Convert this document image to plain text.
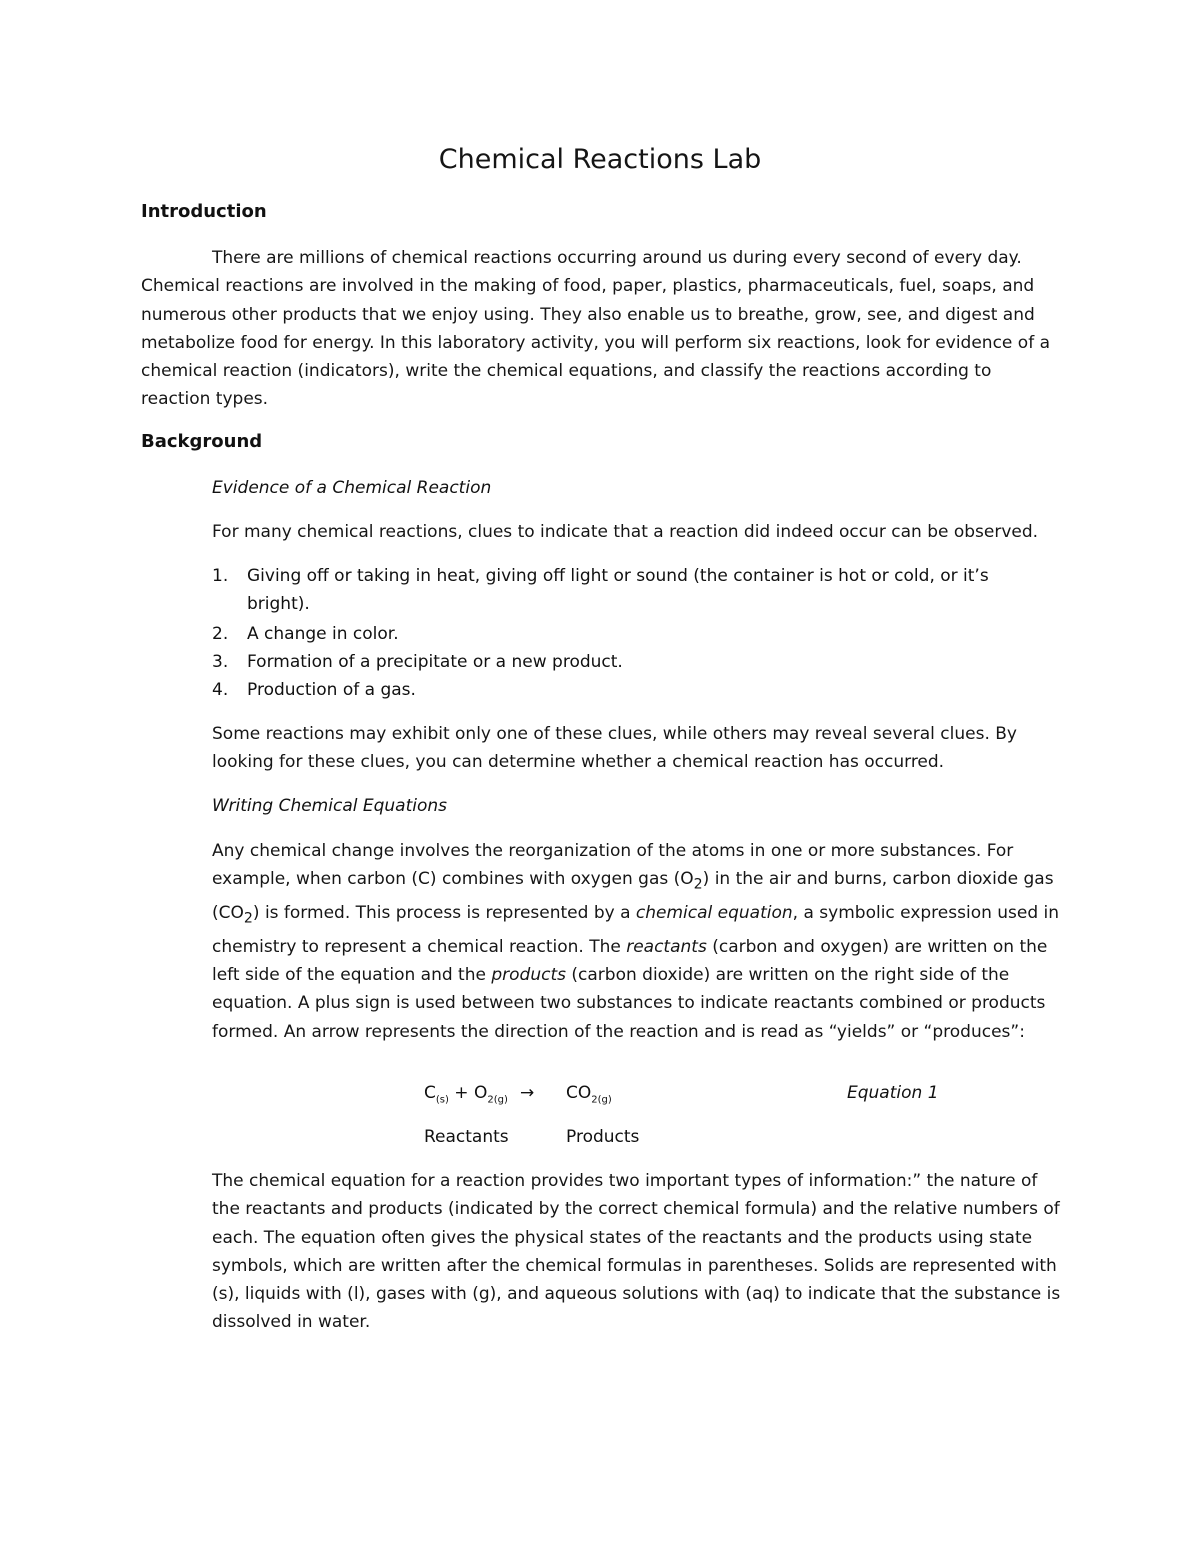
Chemical Reactions Lab
Introduction

There are millions of chemical reactions occurring around us during every second of every day. Chemical reactions are involved in the making of food, paper, plastics, pharmaceuticals, fuel, soaps, and numerous other products that we enjoy using. They also enable us to breathe, grow, see, and digest and metabolize food for energy. In this laboratory activity, you will perform six reactions, look for evidence of a chemical reaction (indicators), write the chemical equations, and classify the reactions according to reaction types.

Background

Evidence of a Chemical Reaction

For many chemical reactions, clues to indicate that a reaction did indeed occur can be observed.

1. Giving off or taking in heat, giving off light or sound (the container is hot or cold, or it’s bright).
2. A change in color.
3. Formation of a precipitate or a new product.
4. Production of a gas.

Some reactions may exhibit only one of these clues, while others may reveal several clues. By looking for these clues, you can determine whether a chemical reaction has occurred.

Writing Chemical Equations

Any chemical change involves the reorganization of the atoms in one or more substances. For example, when carbon (C) combines with oxygen gas $(O_2)$ in the air and burns, carbon dioxide gas $(CO_2)$ is formed. This process is represented by a chemical equation, a symbolic expression used in chemistry to represent a chemical reaction. The reactants (carbon and oxygen) are written on the left side of the equation and the products (carbon dioxide) are written on the right side of the equation. A plus sign is used between two substances to indicate reactants combined or products formed. An arrow represents the direction of the reaction and is read as “yields” or “produces”:

$C_{(s)} + O_{2(g)} \to CO_{2(g)}$	Equation 1
Reactants	Products

The chemical equation for a reaction provides two important types of information:” the nature of the reactants and products (indicated by the correct chemical formula) and the relative numbers of each. The equation often gives the physical states of the reactants and the products using state symbols, which are written after the chemical formulas in parentheses. Solids are represented with (s), liquids with (l), gases with (g), and aqueous solutions with (aq) to indicate that the substance is dissolved in water.
